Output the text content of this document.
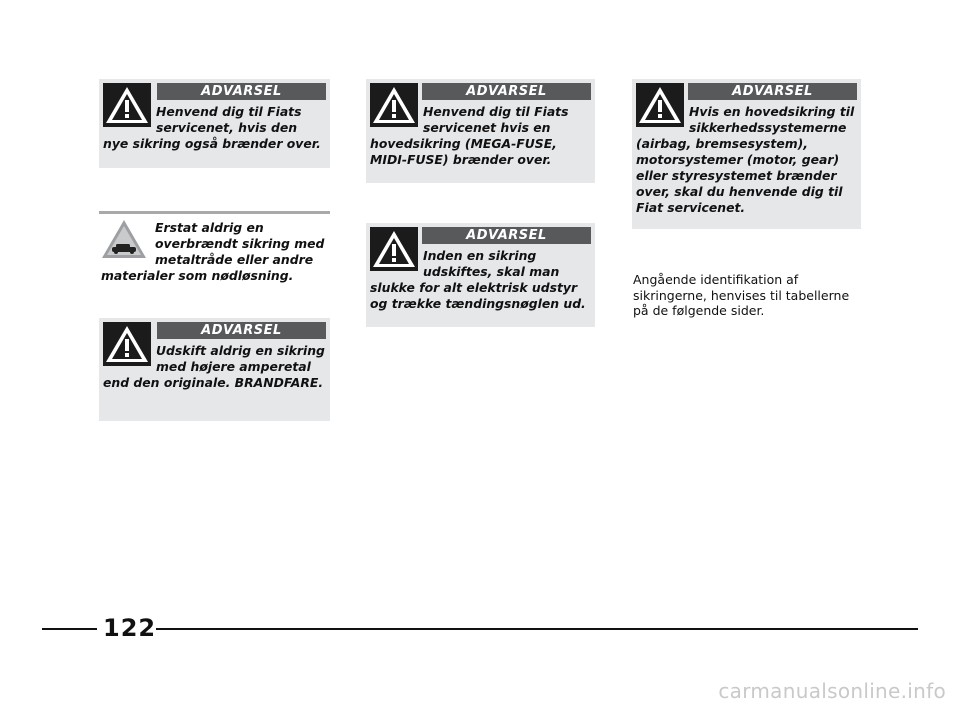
ADVARSEL

Henvend dig til Fiats servicenet, hvis den nye sikring også brænder over.

ADVARSEL

Henvend dig til Fiats servicenet hvis en hovedsikring (MEGA-FUSE, MIDI-FUSE) brænder over.

ADVARSEL

Hvis en hovedsikring til sikkerhedssystemerne (airbag, bremsesystem), motorsystemer (motor, gear) eller styresystemet brænder over, skal du henvende dig til Fiat servicenet.

Erstat aldrig en overbrændt sikring med metaltråde eller andre materialer som nødløsning.

ADVARSEL

Inden en sikring udskiftes, skal man slukke for alt elektrisk udstyr og trække tændingsnøglen ud.

Angående identifikation af sikringerne, henvises til tabellerne på de følgende sider.
ADVARSEL

Udskift aldrig en sikring med højere amperetal end den originale. BRANDFARE.

122
carmanualsonline.info
